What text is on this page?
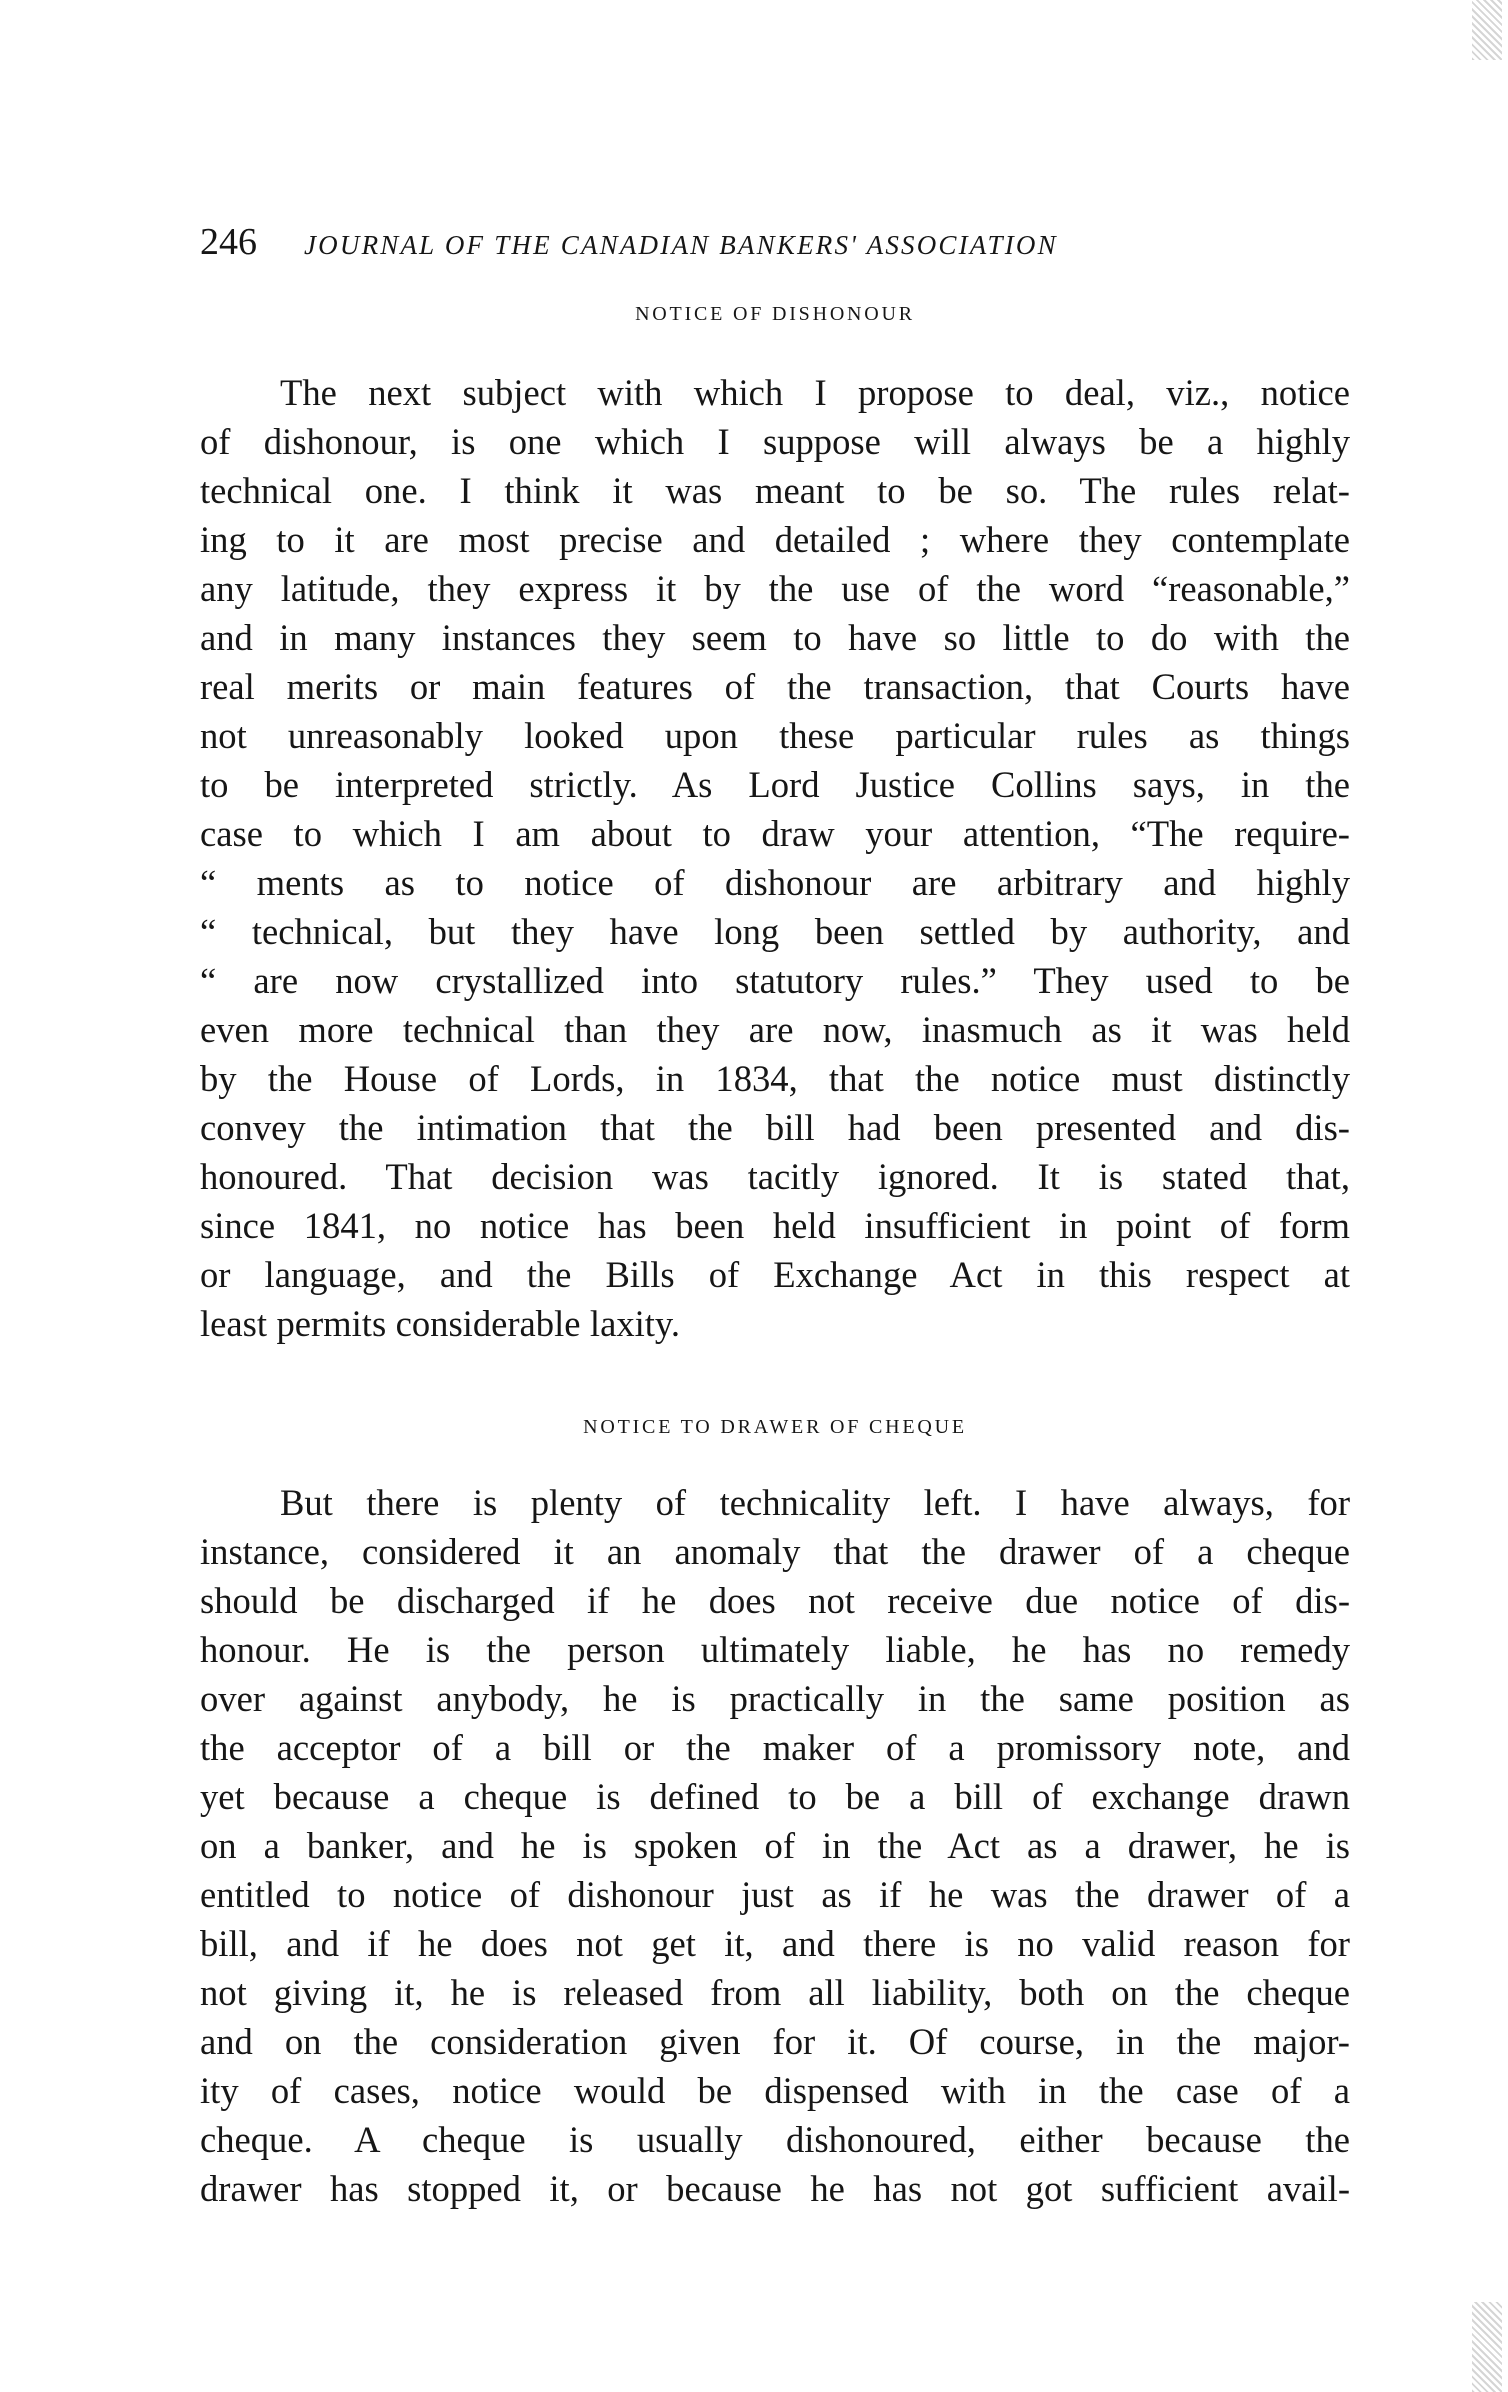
246 JOURNAL OF THE CANADIAN BANKERS' ASSOCIATION
NOTICE OF DISHONOUR
The next subject with which I propose to deal, viz., notice
of dishonour, is one which I suppose will always be a highly
technical one. I think it was meant to be so. The rules relat-
ing to it are most precise and detailed ; where they contemplate
any latitude, they express it by the use of the word “reasonable,”
and in many instances they seem to have so little to do with the
real merits or main features of the transaction, that Courts have
not unreasonably looked upon these particular rules as things
to be interpreted strictly. As Lord Justice Collins says, in the
case to which I am about to draw your attention, “The require-
“ ments as to notice of dishonour are arbitrary and highly
“ technical, but they have long been settled by authority, and
“ are now crystallized into statutory rules.” They used to be
even more technical than they are now, inasmuch as it was held
by the House of Lords, in 1834, that the notice must distinctly
convey the intimation that the bill had been presented and dis-
honoured. That decision was tacitly ignored. It is stated that,
since 1841, no notice has been held insufficient in point of form
or language, and the Bills of Exchange Act in this respect at
least permits considerable laxity.
NOTICE TO DRAWER OF CHEQUE
But there is plenty of technicality left. I have always, for
instance, considered it an anomaly that the drawer of a cheque
should be discharged if he does not receive due notice of dis-
honour. He is the person ultimately liable, he has no remedy
over against anybody, he is practically in the same position as
the acceptor of a bill or the maker of a promissory note, and
yet because a cheque is defined to be a bill of exchange drawn
on a banker, and he is spoken of in the Act as a drawer, he is
entitled to notice of dishonour just as if he was the drawer of a
bill, and if he does not get it, and there is no valid reason for
not giving it, he is released from all liability, both on the cheque
and on the consideration given for it. Of course, in the major-
ity of cases, notice would be dispensed with in the case of a
cheque. A cheque is usually dishonoured, either because the
drawer has stopped it, or because he has not got sufficient avail-
